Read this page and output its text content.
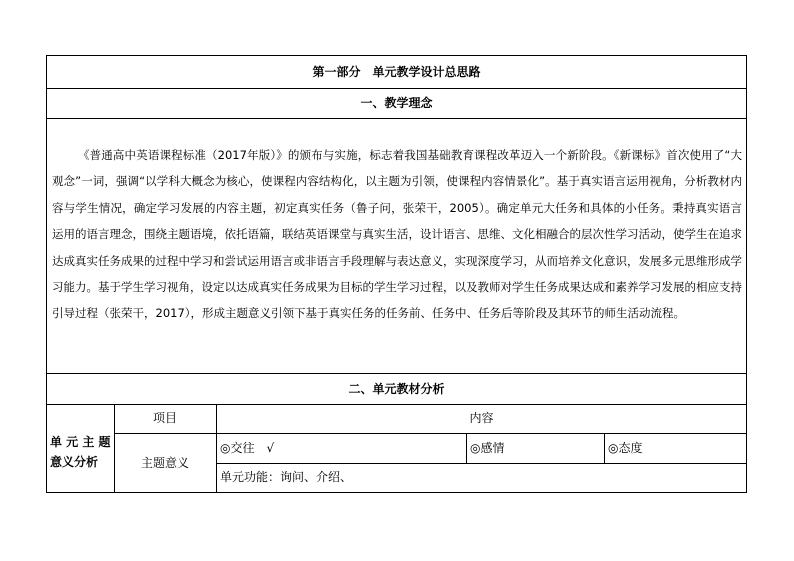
第一部分　单元教学设计总思路
一、教学理念
《普通高中英语课程标准（2017年版）》的颁布与实施，标志着我国基础教育课程改革迈入一个新阶段。《新课标》首次使用了“大观念”一词，强调“以学科大概念为核心，使课程内容结构化，以主题为引领，使课程内容情景化”。基于真实语言运用视角，分析教材内容与学生情况，确定学习发展的内容主题，初定真实任务（鲁子问，张荣干，2005）。确定单元大任务和具体的小任务。秉持真实语言运用的语言理念，围绕主题语境，依托语篇，联结英语课堂与真实生活，设计语言、思维、文化相融合的层次性学习活动，使学生在追求达成真实任务成果的过程中学习和尝试运用语言或非语言手段理解与表达意义，实现深度学习，从而培养文化意识，发展多元思维形成学习能力。基于学生学习视角，设定以达成真实任务成果为目标的学生学习过程，以及教师对学生任务成果达成和素养学习发展的相应支持引导过程（张荣干，2017），形成主题意义引领下基于真实任务的任务前、任务中、任务后等阶段及其环节的师生活动流程。
二、单元教材分析
单 元 主 题
意义分析
项目	内容
主题意义
◎交往　√	◎感情	◎态度
单元功能：询问、介绍、
